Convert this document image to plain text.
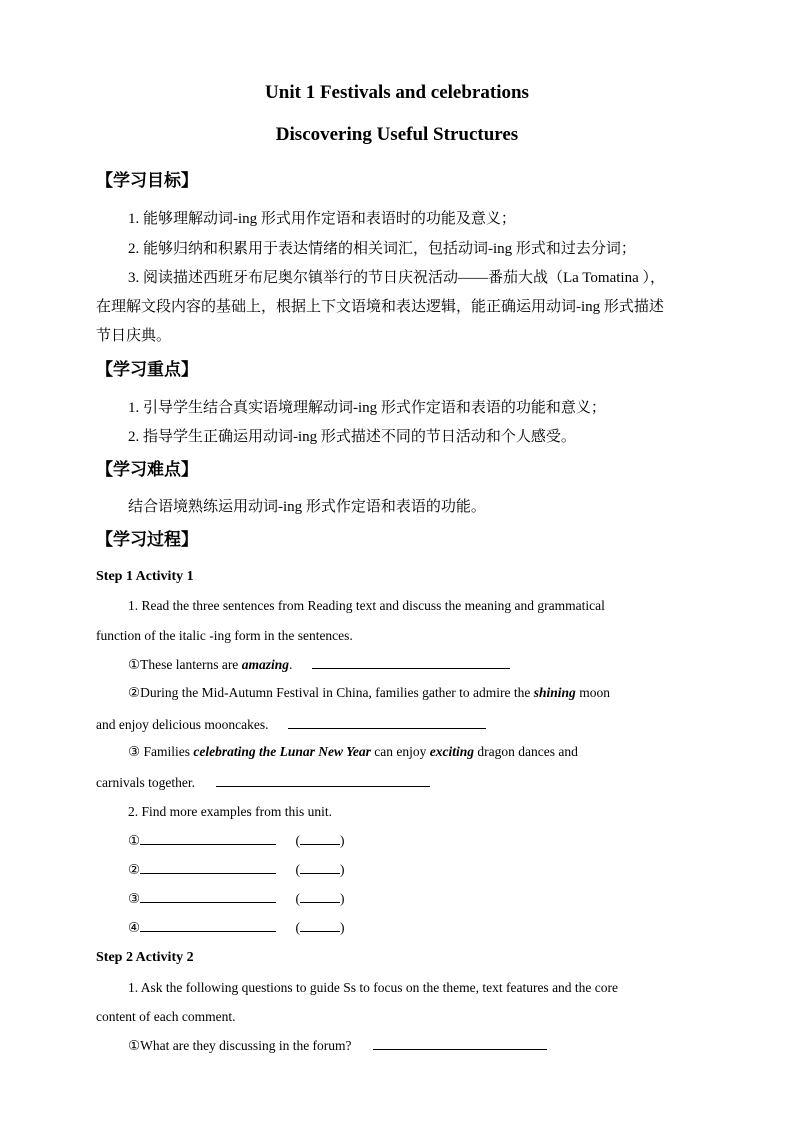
Unit 1 Festivals and celebrations
Discovering Useful Structures
【学习目标】
1. 能够理解动词-ing 形式用作定语和表语时的功能及意义；
2. 能够归纳和积累用于表达情绪的相关词汇，包括动词-ing 形式和过去分词；
3. 阅读描述西班牙布尼奥尔镇举行的节日庆祝活动——番茄大战（La Tomatina ），
在理解文段内容的基础上，根据上下文语境和表达逻辑，能正确运用动词-ing 形式描述
节日庆典。
【学习重点】
1. 引导学生结合真实语境理解动词-ing 形式作定语和表语的功能和意义；
2. 指导学生正确运用动词-ing 形式描述不同的节日活动和个人感受。
【学习难点】
结合语境熟练运用动词-ing 形式作定语和表语的功能。
【学习过程】
Step 1 Activity 1
1. Read the three sentences from Reading text and discuss the meaning and grammatical
function of the italic -ing form in the sentences.
①These lanterns are amazing.
②During the Mid-Autumn Festival in China, families gather to admire the shining moon
and enjoy delicious mooncakes.
③ Families celebrating the Lunar New Year can enjoy exciting dragon dances and
carnivals together.
2. Find more examples from this unit.
①	(	)
②	(	)
③	(	)
④	(	)
Step 2 Activity 2
1. Ask the following questions to guide Ss to focus on the theme, text features and the core
content of each comment.
①What are they discussing in the forum?
